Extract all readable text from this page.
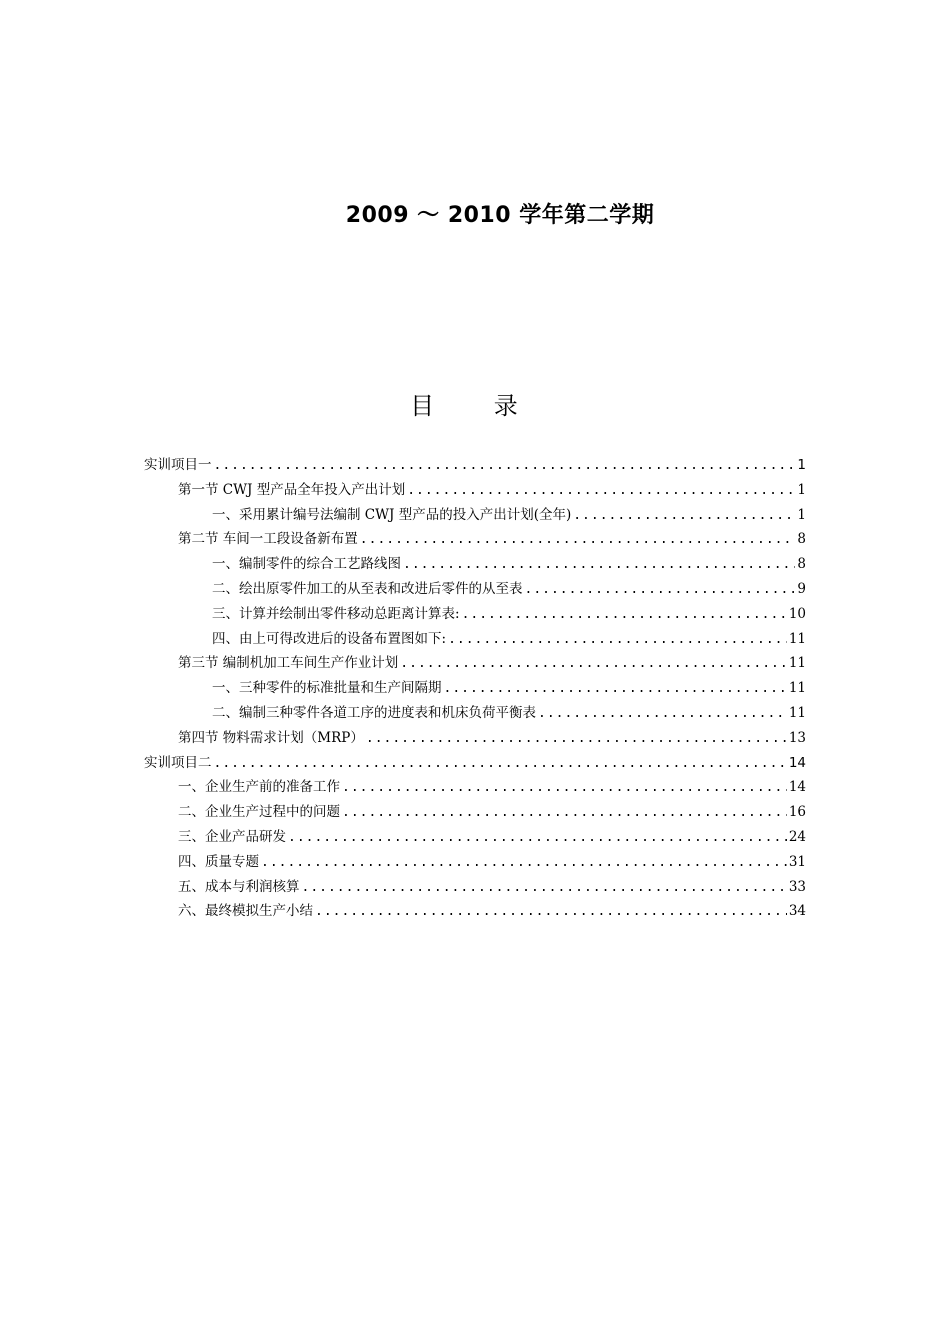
2009 ～ 2010 学年第二学期
目 录
实训项目一 .....	1
第一节 CWJ 型产品全年投入产出计划 .....	1
一、采用累计编号法编制 CWJ 型产品的投入产出计划(全年) .....	1
第二节 车间一工段设备新布置 .....	8
一、编制零件的综合工艺路线图 .....	8
二、绘出原零件加工的从至表和改进后零件的从至表 .....	9
三、计算并绘制出零件移动总距离计算表: .....	10
四、由上可得改进后的设备布置图如下: .....	11
第三节 编制机加工车间生产作业计划 .....	11
一、三种零件的标准批量和生产间隔期 .....	11
二、编制三种零件各道工序的进度表和机床负荷平衡表 .....	11
第四节 物料需求计划（MRP） .....	13
实训项目二 .....	14
一、企业生产前的准备工作 .....	14
二、企业生产过程中的问题 .....	16
三、企业产品研发 .....	24
四、质量专题 .....	31
五、成本与利润核算 .....	33
六、最终模拟生产小结 .....	34
